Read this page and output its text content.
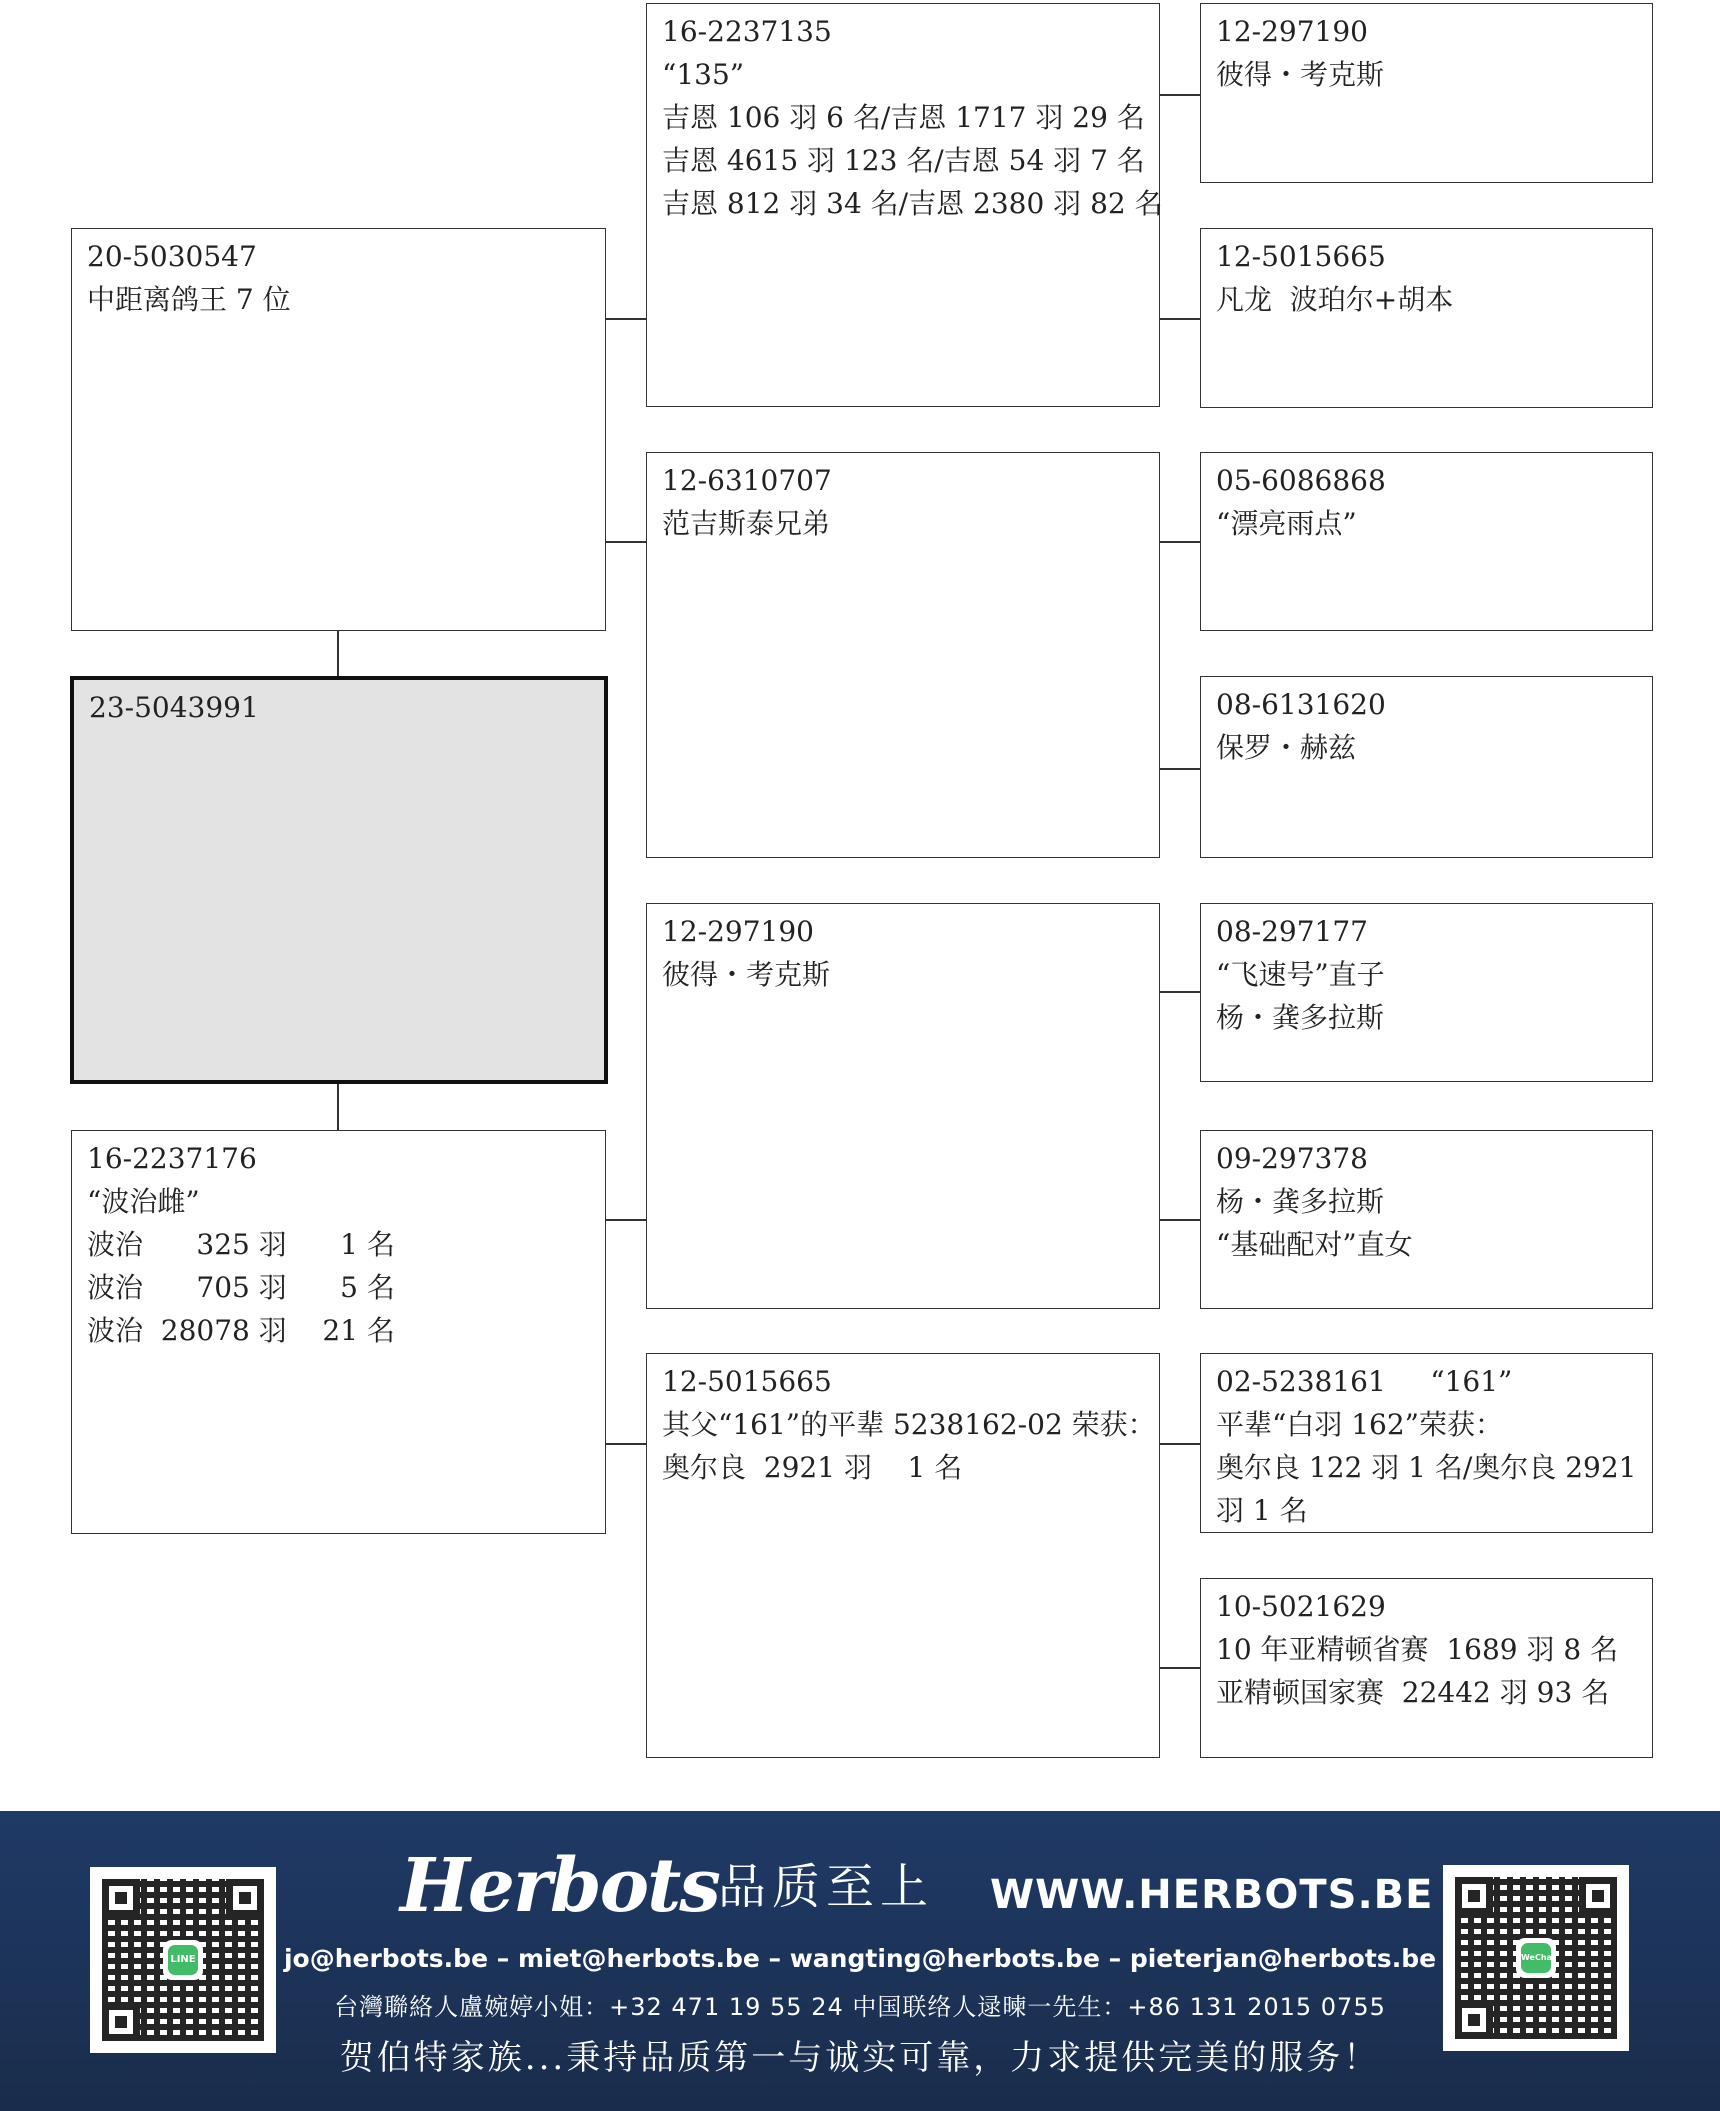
20-5030547
中距离鸽王 7 位
23-5043991
16-2237176
“波治雌”
波治      325 羽      1 名
波治      705 羽      5 名
波治  28078 羽    21 名
16-2237135
“135”
吉恩 106 羽 6 名/吉恩 1717 羽 29 名
吉恩 4615 羽 123 名/吉恩 54 羽 7 名
吉恩 812 羽 34 名/吉恩 2380 羽 82 名
12-6310707
范吉斯泰兄弟
12-297190
彼得・考克斯
12-5015665
其父“161”的平辈 5238162-02 荣获：
奥尔良  2921 羽    1 名
12-297190
彼得・考克斯
12-5015665
凡龙  波珀尔+胡本
05-6086868
“漂亮雨点”
08-6131620
保罗・赫兹
08-297177
“飞速号”直子
杨・龚多拉斯
09-297378
杨・龚多拉斯
“基础配对”直女
02-5238161     “161”
平辈“白羽 162”荣获：
奥尔良 122 羽 1 名/奥尔良 2921
羽 1 名
10-5021629
10 年亚精顿省赛  1689 羽 8 名
亚精顿国家赛  22442 羽 93 名
LINE
Herbots 品质至上 WWW.HERBOTS.BE
jo@herbots.be – miet@herbots.be – wangting@herbots.be – pieterjan@herbots.be
台灣聯絡人盧婉婷小姐：+32 471 19 55 24 中国联络人逯暕一先生：+86 131 2015 0755
贺伯特家族...秉持品质第一与诚实可靠，力求提供完美的服务！
WeChat
